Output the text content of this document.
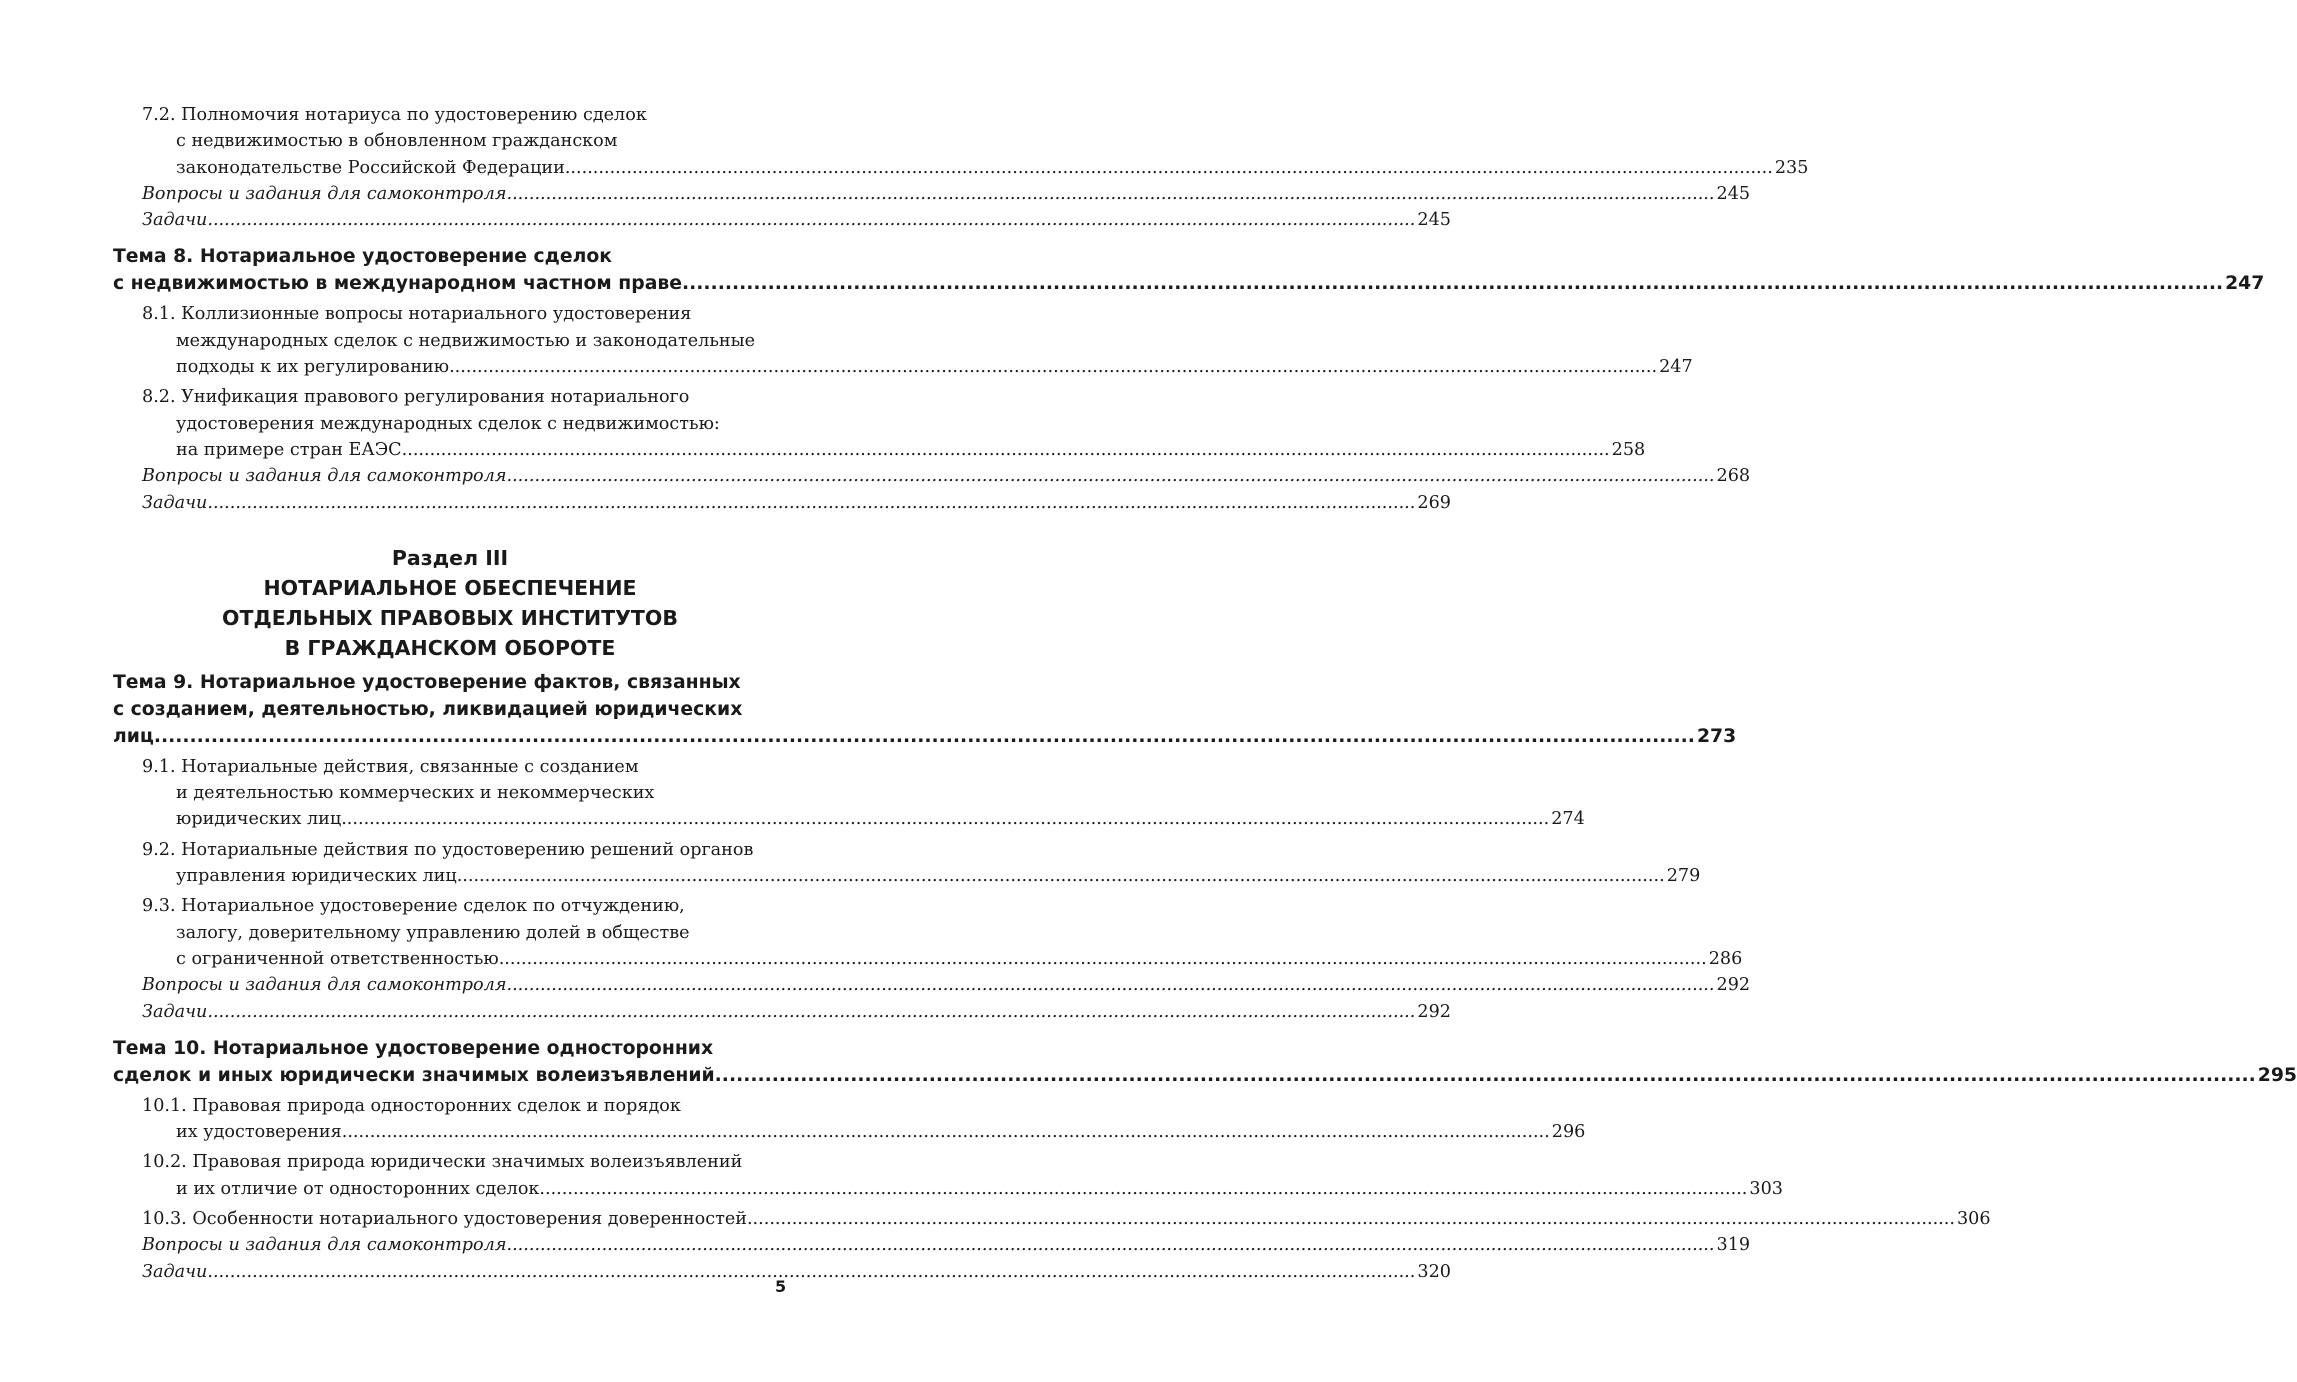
7.2. Полномочия нотариуса по удостоверению сделок
с недвижимостью в обновленном гражданском
законодательстве Российской Федерации .....	235
Вопросы и задания для самоконтроля .....	245
Задачи .....	245
Тема 8. Нотариальное удостоверение сделок
с недвижимостью в международном частном праве .....	247
8.1. Коллизионные вопросы нотариального удостоверения
международных сделок с недвижимостью и законодательные
подходы к их регулированию .....	247
8.2. Унификация правового регулирования нотариального
удостоверения международных сделок с недвижимостью:
на примере стран ЕАЭС .....	258
Вопросы и задания для самоконтроля .....	268
Задачи .....	269
Раздел III
НОТАРИАЛЬНОЕ ОБЕСПЕЧЕНИЕ
ОТДЕЛЬНЫХ ПРАВОВЫХ ИНСТИТУТОВ
В ГРАЖДАНСКОМ ОБОРОТЕ
Тема 9. Нотариальное удостоверение фактов, связанных
с созданием, деятельностью, ликвидацией юридических
лиц .....	273
9.1. Нотариальные действия, связанные с созданием
и деятельностью коммерческих и некоммерческих
юридических лиц .....	274
9.2. Нотариальные действия по удостоверению решений органов
управления юридических лиц .....	279
9.3. Нотариальное удостоверение сделок по отчуждению,
залогу, доверительному управлению долей в обществе
с ограниченной ответственностью .....	286
Вопросы и задания для самоконтроля .....	292
Задачи .....	292
Тема 10. Нотариальное удостоверение односторонних
сделок и иных юридически значимых волеизъявлений .....	295
10.1. Правовая природа односторонних сделок и порядок
их удостоверения .....	296
10.2. Правовая природа юридически значимых волеизъявлений
и их отличие от односторонних сделок .....	303
10.3. Особенности нотариального удостоверения доверенностей .....	306
Вопросы и задания для самоконтроля .....	319
Задачи .....	320
5
